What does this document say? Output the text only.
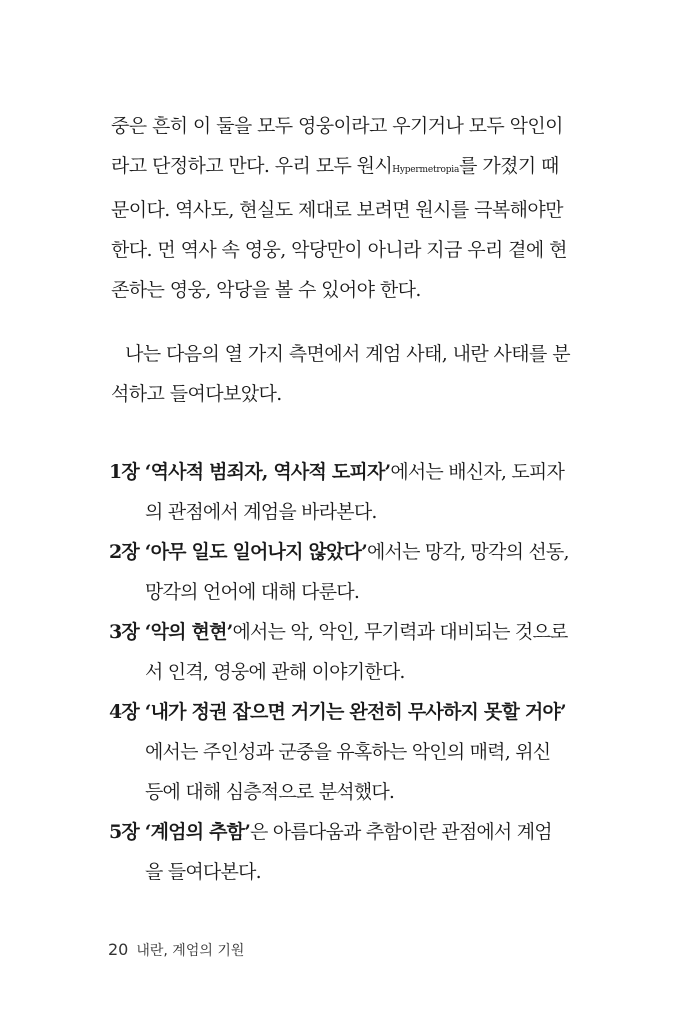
중은 흔히 이 둘을 모두 영웅이라고 우기거나 모두 악인이
라고 단정하고 만다. 우리 모두 원시Hypermetropia를 가졌기 때
문이다. 역사도, 현실도 제대로 보려면 원시를 극복해야만
한다. 먼 역사 속 영웅, 악당만이 아니라 지금 우리 곁에 현
존하는 영웅, 악당을 볼 수 있어야 한다.
나는 다음의 열 가지 측면에서 계엄 사태, 내란 사태를 분
석하고 들여다보았다.
1장 ‘역사적 범죄자, 역사적 도피자’에서는 배신자, 도피자
의 관점에서 계엄을 바라본다.
2장 ‘아무 일도 일어나지 않았다’에서는 망각, 망각의 선동,
망각의 언어에 대해 다룬다.
3장 ‘악의 현현’에서는 악, 악인, 무기력과 대비되는 것으로
서 인격, 영웅에 관해 이야기한다.
4장 ‘내가 정권 잡으면 거기는 완전히 무사하지 못할 거야’
에서는 주인성과 군중을 유혹하는 악인의 매력, 위신
등에 대해 심층적으로 분석했다.
5장 ‘계엄의 추함’은 아름다움과 추함이란 관점에서 계엄
을 들여다본다.
20 내란, 계엄의 기원
